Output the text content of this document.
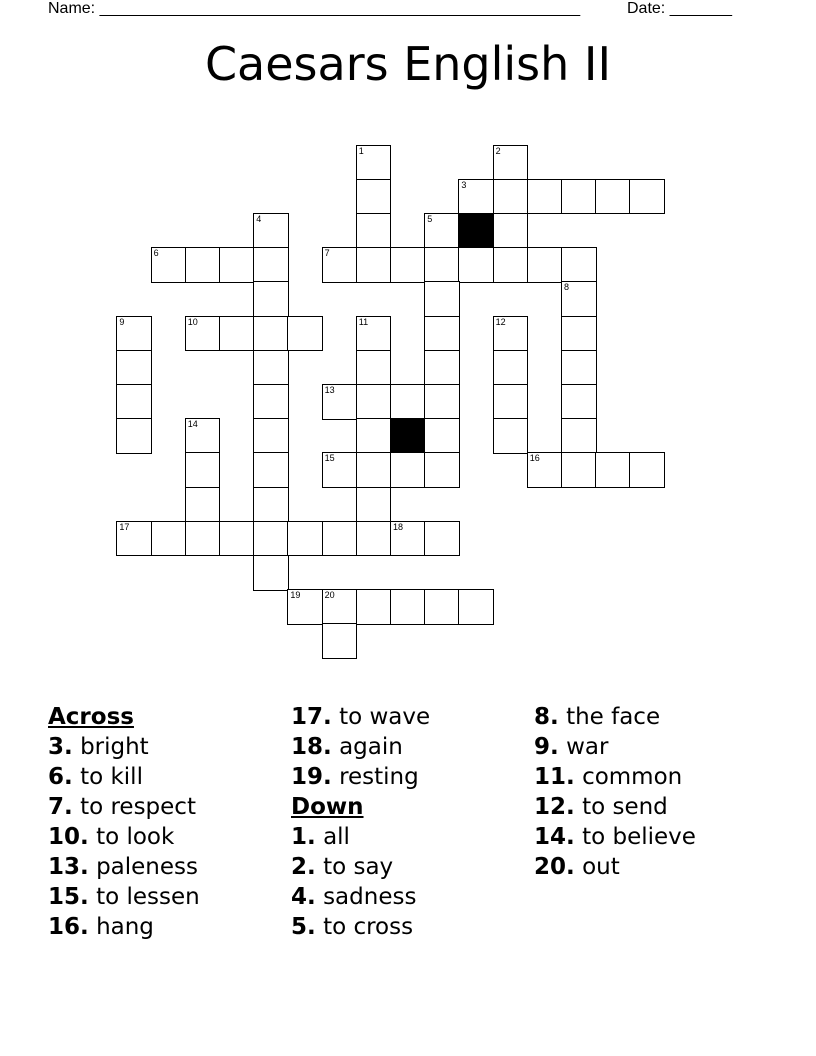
Name: ______________________________________________________	Date: _______
Caesars English II
1	2
3
4	5
6	7
8
9	10	11	12
13
14
15	16
17	18
19	20
Across
3. bright
6. to kill
7. to respect
10. to look
13. paleness
15. to lessen
16. hang
17. to wave
18. again
19. resting
Down
1. all
2. to say
4. sadness
5. to cross
8. the face
9. war
11. common
12. to send
14. to believe
20. out
